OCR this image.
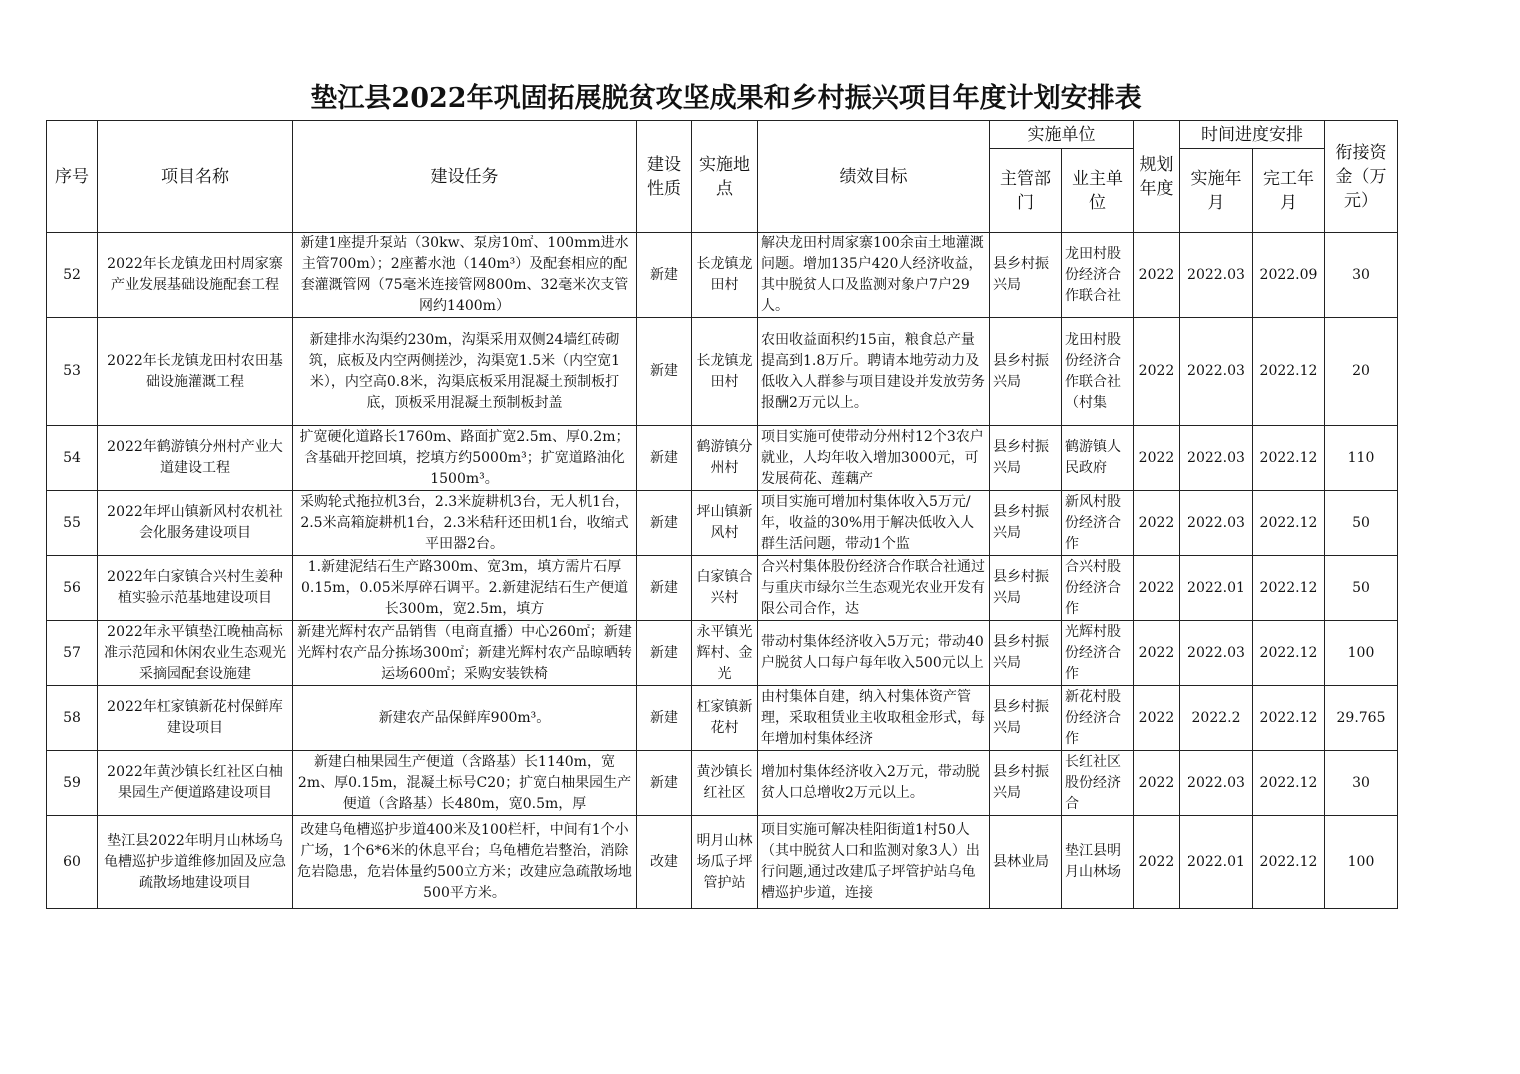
垫江县2022年巩固拓展脱贫攻坚成果和乡村振兴项目年度计划安排表
序号	项目名称	建设任务	建设性质	实施地点	绩效目标	实施单位		规划年度	时间进度安排		衔接资金（万元）
						主管部门	业主单位		实施年月	完工年月	

52	2022年长龙镇龙田村周家寨产业发展基础设施配套工程	新建1座提升泵站（30kw、泵房10㎡、100mm进水主管700m）；2座蓄水池（140m³）及配套相应的配套灌溉管网（75毫米连接管网800m、32毫米次支管网约1400m）	新建	长龙镇龙田村	解决龙田村周家寨100余亩土地灌溉问题。增加135户420人经济收益，其中脱贫人口及监测对象户7户29人。	县乡村振兴局	龙田村股份经济合作联合社	2022	2022.03	2022.09	30

53	2022年长龙镇龙田村农田基础设施灌溉工程	新建排水沟渠约230m，沟渠采用双侧24墙红砖砌筑，底板及内空两侧搓沙，沟渠宽1.5米（内空宽1米），内空高0.8米，沟渠底板采用混凝土预制板打底，顶板采用混凝土预制板封盖	新建	长龙镇龙田村	农田收益面积约15亩，粮食总产量提高到1.8万斤。聘请本地劳动力及低收入人群参与项目建设并发放劳务报酬2万元以上。	县乡村振兴局	龙田村股份经济合作联合社（村集	2022	2022.03	2022.12	20

54	2022年鹤游镇分州村产业大道建设工程	扩宽硬化道路长1760m、路面扩宽2.5m、厚0.2m；含基础开挖回填，挖填方约5000m³；扩宽道路油化1500m³。	新建	鹤游镇分州村	项目实施可使带动分州村12个3农户就业，人均年收入增加3000元，可发展荷花、莲藕产	县乡村振兴局	鹤游镇人民政府	2022	2022.03	2022.12	110

55	2022年坪山镇新风村农机社会化服务建设项目	采购轮式拖拉机3台，2.3米旋耕机3台，无人机1台，2.5米高箱旋耕机1台，2.3米秸秆还田机1台，收缩式平田器2台。	新建	坪山镇新风村	项目实施可增加村集体收入5万元/年，收益的30%用于解决低收入人群生活问题，带动1个监	县乡村振兴局	新风村股份经济合作	2022	2022.03	2022.12	50

56	2022年白家镇合兴村生姜种植实验示范基地建设项目	1.新建泥结石生产路300m、宽3m，填方需片石厚0.15m，0.05米厚碎石调平。2.新建泥结石生产便道长300m，宽2.5m，填方	新建	白家镇合兴村	合兴村集体股份经济合作联合社通过与重庆市绿尔兰生态观光农业开发有限公司合作，达	县乡村振兴局	合兴村股份经济合作	2022	2022.01	2022.12	50

57	2022年永平镇垫江晚柚高标准示范园和休闲农业生态观光采摘园配套设施建	新建光辉村农产品销售（电商直播）中心260㎡；新建光辉村农产品分拣场300㎡；新建光辉村农产品晾晒转运场600㎡；采购安装铁椅	新建	永平镇光辉村、金光	带动村集体经济收入5万元；带动40户脱贫人口每户每年收入500元以上	县乡村振兴局	光辉村股份经济合作	2022	2022.03	2022.12	100

58	2022年杠家镇新花村保鲜库建设项目	新建农产品保鲜库900m³。	新建	杠家镇新花村	由村集体自建，纳入村集体资产管理，采取租赁业主收取租金形式，每年增加村集体经济	县乡村振兴局	新花村股份经济合作	2022	2022.2	2022.12	29.765

59	2022年黄沙镇长红社区白柚果园生产便道路建设项目	新建白柚果园生产便道（含路基）长1140m，宽2m、厚0.15m，混凝土标号C20；扩宽白柚果园生产便道（含路基）长480m，宽0.5m，厚	新建	黄沙镇长红社区	增加村集体经济收入2万元，带动脱贫人口总增收2万元以上。	县乡村振兴局	长红社区股份经济合	2022	2022.03	2022.12	30

60	垫江县2022年明月山林场乌龟槽巡护步道维修加固及应急疏散场地建设项目	改建乌龟槽巡护步道400米及100栏杆，中间有1个小广场，1个6*6米的休息平台；乌龟槽危岩整治，消除危岩隐患，危岩体量约500立方米；改建应急疏散场地500平方米。	改建	明月山林场瓜子坪管护站	项目实施可解决桂阳街道1村50人（其中脱贫人口和监测对象3人）出行问题,通过改建瓜子坪管护站乌龟槽巡护步道，连接	县林业局	垫江县明月山林场	2022	2022.01	2022.12	100
